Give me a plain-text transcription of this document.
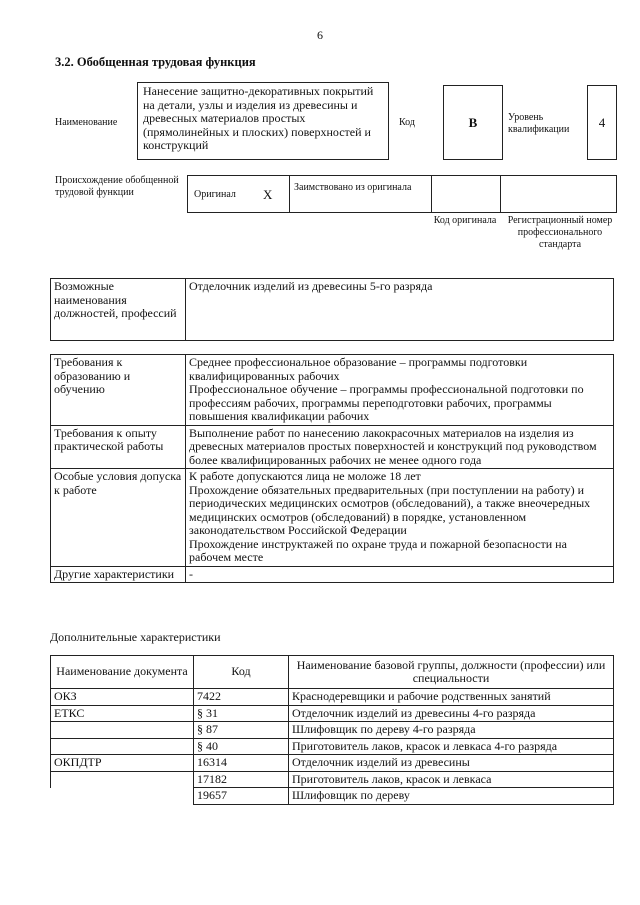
6
3.2. Обобщенная трудовая функция
Наименование
Нанесение защитно-декоративных покрытий на детали, узлы и изделия из древесины и древесных материалов простых (прямолинейных и плоских) поверхностей и конструкций
Код	B	Уровень квалификации	4
Происхождение обобщенной трудовой функции	Оригинал X Заимствовано из оригинала
Код оригинала Регистрационный номер профессионального стандарта
Возможные наименования должностей, профессий	Отделочник изделий из древесины 5-го разряда
Требования к образованию и обучению	Среднее профессиональное образование – программы подготовки квалифицированных рабочих
Профессиональное обучение – программы профессиональной подготовки по профессиям рабочих, программы переподготовки рабочих, программы повышения квалификации рабочих

Требования к опыту практической работы	Выполнение работ по нанесению лакокрасочных материалов на изделия из древесных материалов простых поверхностей и конструкций под руководством более квалифицированных рабочих не менее одного года

Особые условия допуска к работе	К работе допускаются лица не моложе 18 лет
Прохождение обязательных предварительных (при поступлении на работу) и периодических медицинских осмотров (обследований), а также внеочередных медицинских осмотров (обследований) в порядке, установленном законодательством Российской Федерации
Прохождение инструктажей по охране труда и пожарной безопасности на рабочем месте

Другие характеристики	-
Дополнительные характеристики
Наименование документа	Код	Наименование базовой группы, должности (профессии) или специальности
ОКЗ	7422	Краснодеревщики и рабочие родственных занятий
ЕТКС	§ 31	Отделочник изделий из древесины 4-го разряда
	§ 87	Шлифовщик по дереву 4-го разряда
	§ 40	Приготовитель лаков, красок и левкаса 4-го разряда
ОКПДТР	16314	Отделочник изделий из древесины
	17182	Приготовитель лаков, красок и левкаса
	19657	Шлифовщик по дереву
